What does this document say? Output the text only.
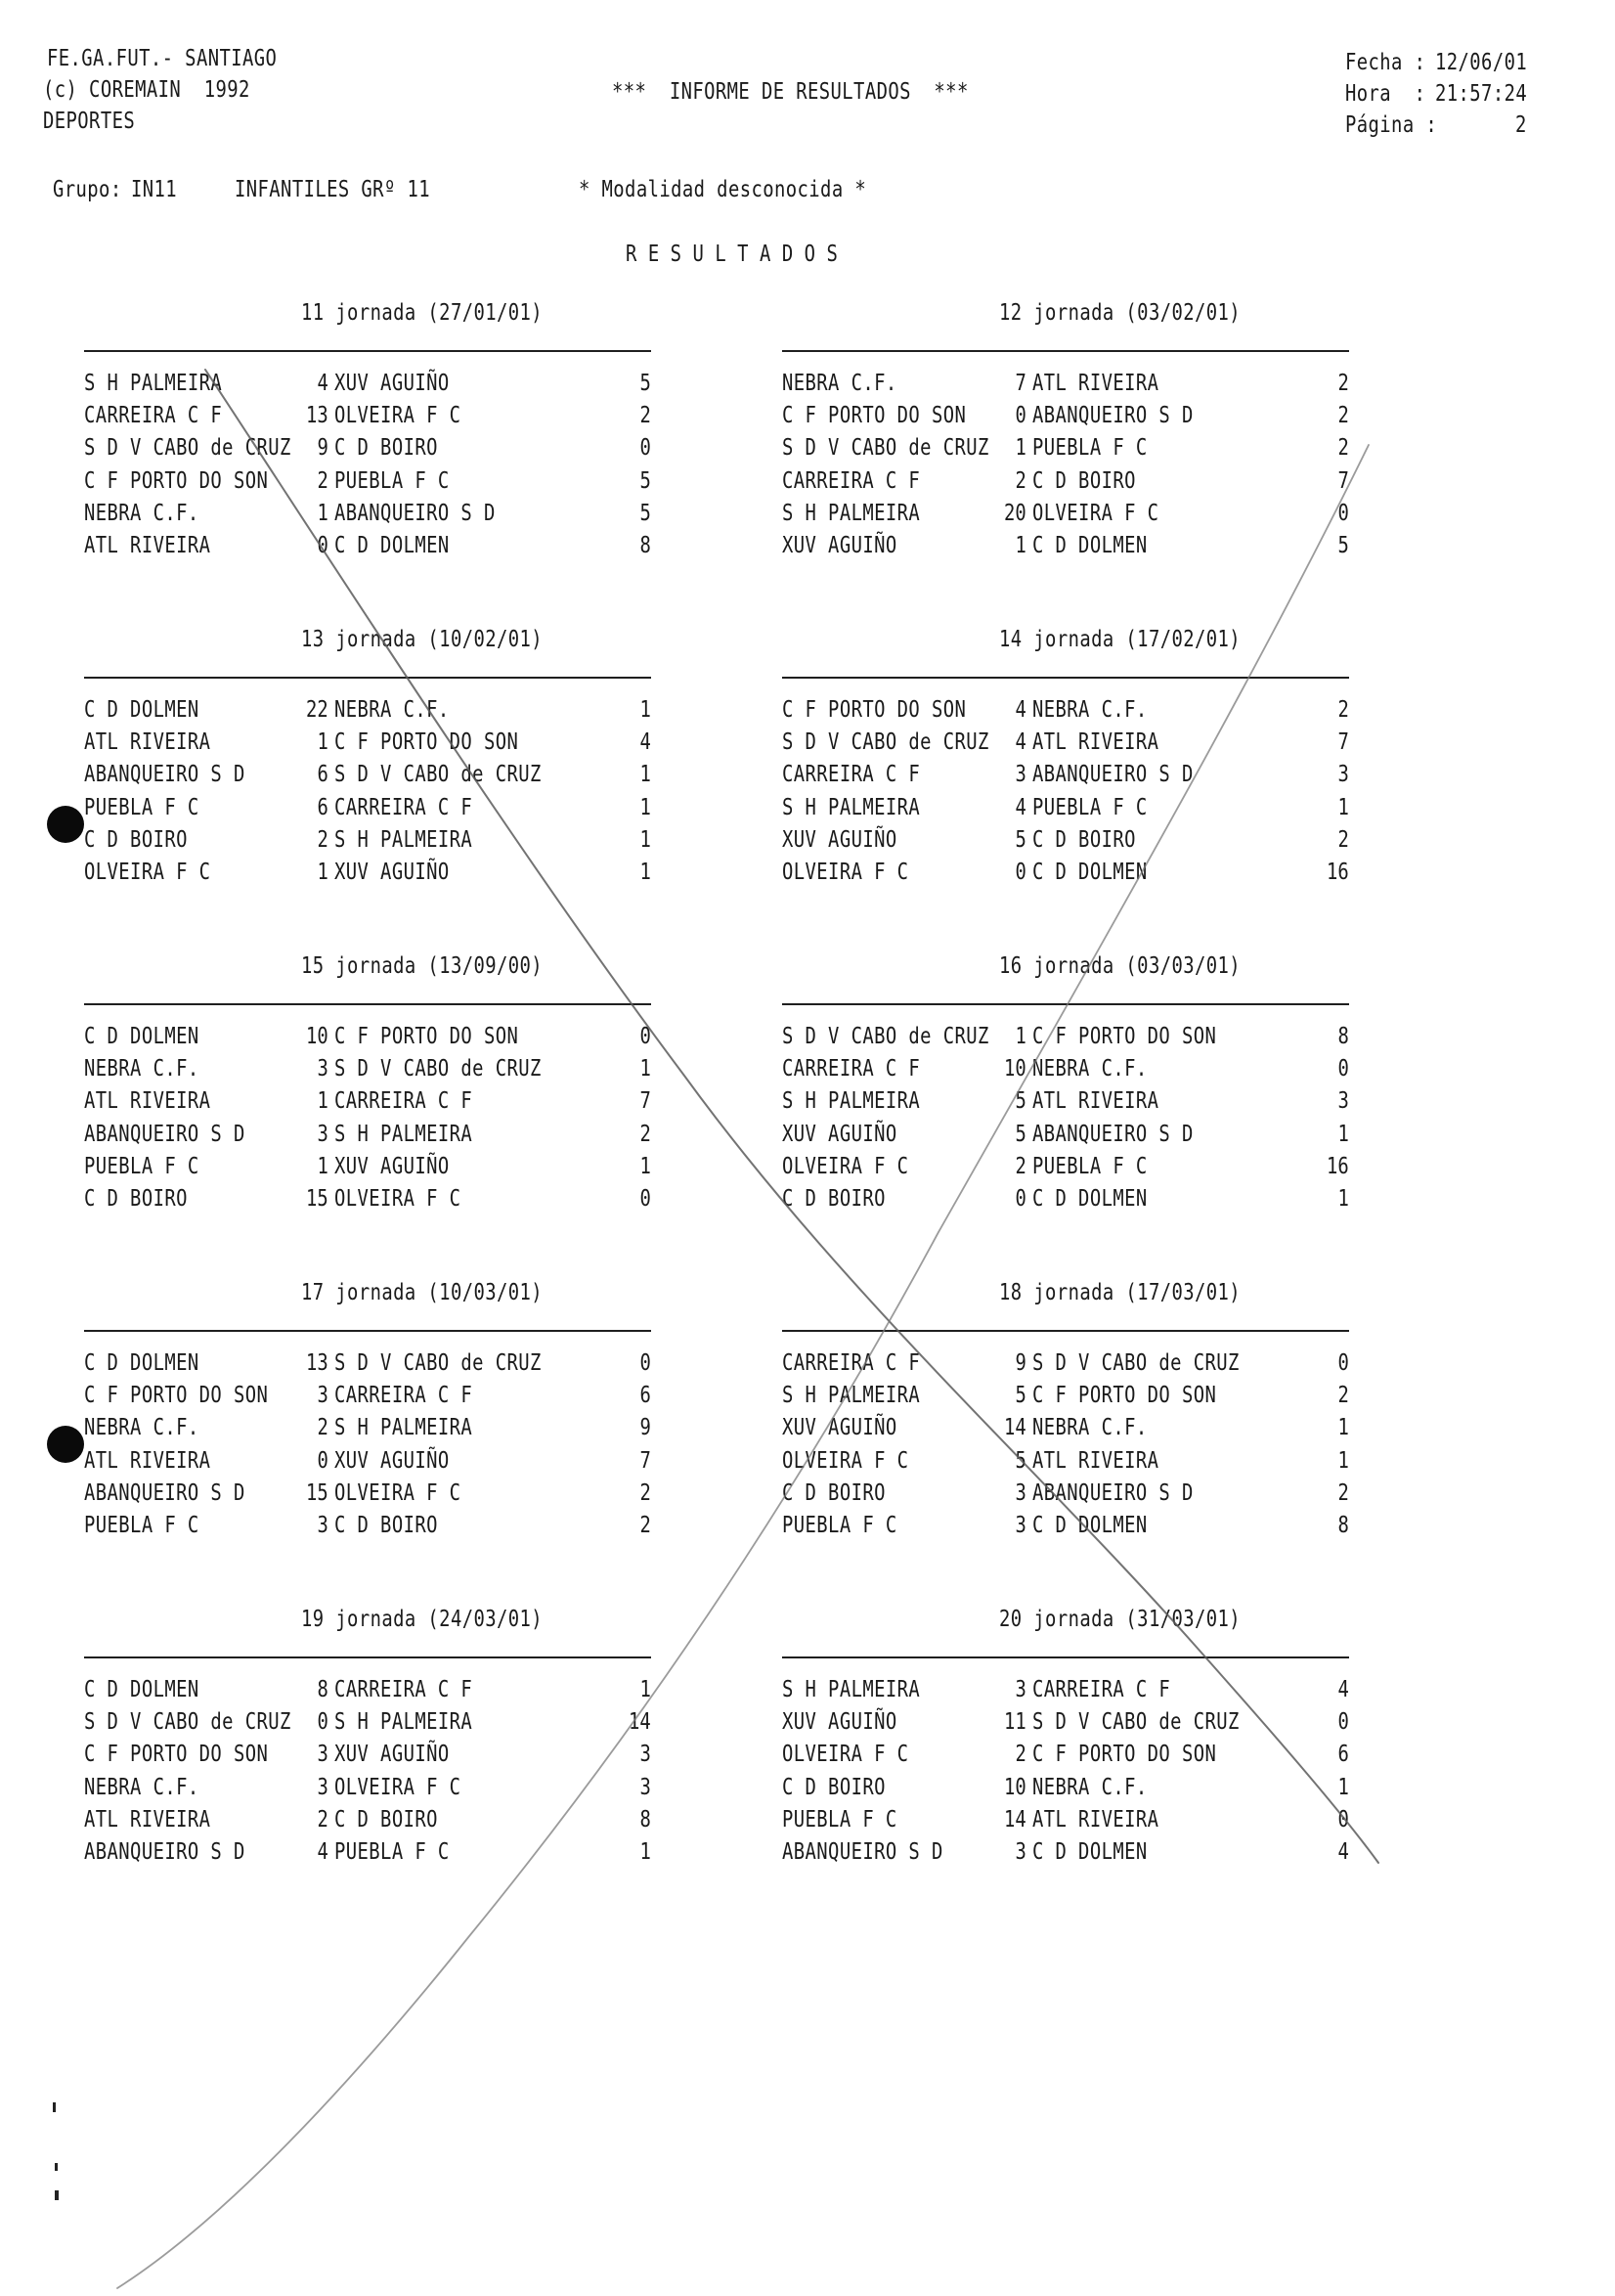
FE.GA.FUT.- SANTIAGO
(c) COREMAIN  1992
DEPORTES
***  INFORME DE RESULTADOS  ***
Fecha : 12/06/01
Hora  : 21:57:24
Página :	2
Grupo: IN11	INFANTILES GRº 11	* Modalidad desconocida *
RESULTADOS
11 jornada (27/01/01)
S H PALMEIRA	4 XUV AGUIÑO	5
CARREIRA C F	13 OLVEIRA F C	2
S D V CABO de CRUZ 9 C D BOIRO	0
C F PORTO DO SON 2 PUEBLA F C	5
NEBRA C.F.	1 ABANQUEIRO S D	5
ATL RIVEIRA	0 C D DOLMEN	8
12 jornada (03/02/01)
NEBRA C.F.	7 ATL RIVEIRA	2
C F PORTO DO SON 0 ABANQUEIRO S D	2
S D V CABO de CRUZ 1 PUEBLA F C	2
CARREIRA C F	2 C D BOIRO	7
S H PALMEIRA	20 OLVEIRA F C	0
XUV AGUIÑO	1 C D DOLMEN	5
13 jornada (10/02/01)
C D DOLMEN	22 NEBRA C.F.	1
ATL RIVEIRA	1 C F PORTO DO SON	4
ABANQUEIRO S D	6 S D V CABO de CRUZ	1
PUEBLA F C	6 CARREIRA C F	1
C D BOIRO	2 S H PALMEIRA	1
OLVEIRA F C	1 XUV AGUIÑO	1
14 jornada (17/02/01)
C F PORTO DO SON 4 NEBRA C.F.	2
S D V CABO de CRUZ 4 ATL RIVEIRA	7
CARREIRA C F	3 ABANQUEIRO S D	3
S H PALMEIRA	4 PUEBLA F C	1
XUV AGUIÑO	5 C D BOIRO	2
OLVEIRA F C	0 C D DOLMEN	16
15 jornada (13/09/00)
C D DOLMEN	10 C F PORTO DO SON	0
NEBRA C.F.	3 S D V CABO de CRUZ	1
ATL RIVEIRA	1 CARREIRA C F	7
ABANQUEIRO S D	3 S H PALMEIRA	2
PUEBLA F C	1 XUV AGUIÑO	1
C D BOIRO	15 OLVEIRA F C	0
16 jornada (03/03/01)
S D V CABO de CRUZ 1 C F PORTO DO SON	8
CARREIRA C F	10 NEBRA C.F.	0
S H PALMEIRA	5 ATL RIVEIRA	3
XUV AGUIÑO	5 ABANQUEIRO S D	1
OLVEIRA F C	2 PUEBLA F C	16
C D BOIRO	0 C D DOLMEN	1
17 jornada (10/03/01)
C D DOLMEN	13 S D V CABO de CRUZ	0
C F PORTO DO SON 3 CARREIRA C F	6
NEBRA C.F.	2 S H PALMEIRA	9
ATL RIVEIRA	0 XUV AGUIÑO	7
ABANQUEIRO S D	15 OLVEIRA F C	2
PUEBLA F C	3 C D BOIRO	2
18 jornada (17/03/01)
CARREIRA C F	9 S D V CABO de CRUZ	0
S H PALMEIRA	5 C F PORTO DO SON	2
XUV AGUIÑO	14 NEBRA C.F.	1
OLVEIRA F C	5 ATL RIVEIRA	1
C D BOIRO	3 ABANQUEIRO S D	2
PUEBLA F C	3 C D DOLMEN	8
19 jornada (24/03/01)
C D DOLMEN	8 CARREIRA C F	1
S D V CABO de CRUZ 0 S H PALMEIRA	14
C F PORTO DO SON 3 XUV AGUIÑO	3
NEBRA C.F.	3 OLVEIRA F C	3
ATL RIVEIRA	2 C D BOIRO	8
ABANQUEIRO S D	4 PUEBLA F C	1
20 jornada (31/03/01)
S H PALMEIRA	3 CARREIRA C F	4
XUV AGUIÑO	11 S D V CABO de CRUZ	0
OLVEIRA F C	2 C F PORTO DO SON	6
C D BOIRO	10 NEBRA C.F.	1
PUEBLA F C	14 ATL RIVEIRA	0
ABANQUEIRO S D	3 C D DOLMEN	4
